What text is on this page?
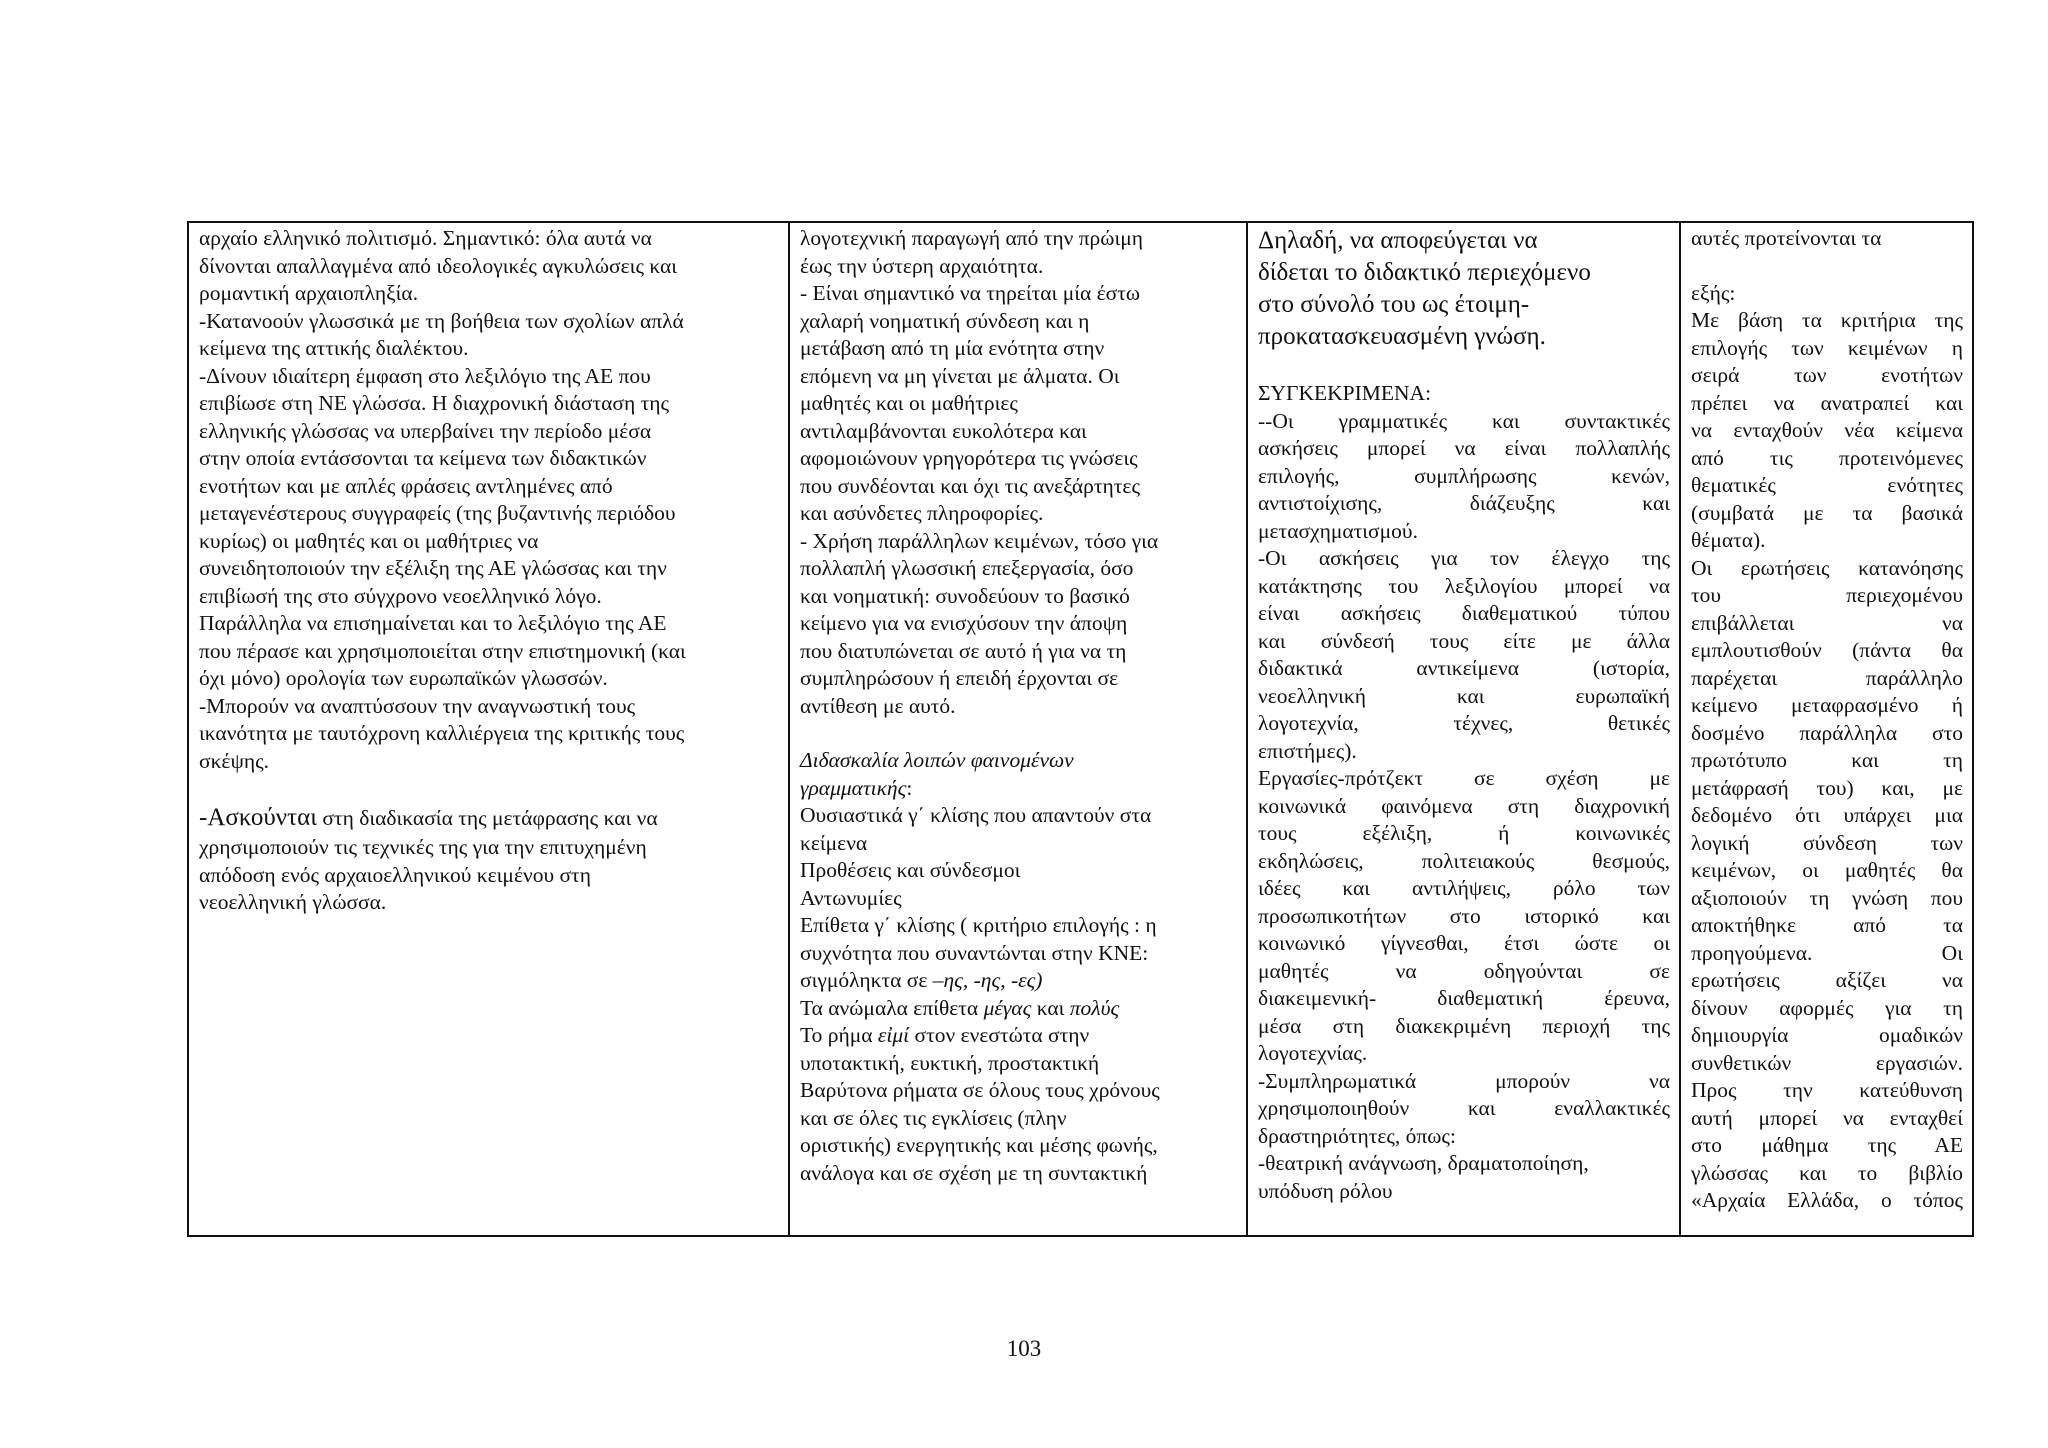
αρχαίο ελληνικό πολιτισμό. Σημαντικό: όλα αυτά να
δίνονται απαλλαγμένα από ιδεολογικές αγκυλώσεις και
ρομαντική αρχαιοπληξία.
-Κατανοούν γλωσσικά με τη βοήθεια των σχολίων απλά
κείμενα της αττικής διαλέκτου.
-Δίνουν ιδιαίτερη έμφαση στο λεξιλόγιο της ΑΕ που
επιβίωσε στη ΝΕ γλώσσα. Η διαχρονική διάσταση της
ελληνικής γλώσσας να υπερβαίνει την περίοδο μέσα
στην οποία εντάσσονται τα κείμενα των διδακτικών
ενοτήτων και με απλές φράσεις αντλημένες από
μεταγενέστερους συγγραφείς (της βυζαντινής περιόδου
κυρίως) οι μαθητές και οι μαθήτριες να
συνειδητοποιούν την εξέλιξη της ΑΕ γλώσσας και την
επιβίωσή της στο σύγχρονο νεοελληνικό λόγο.
Παράλληλα να επισημαίνεται και το λεξιλόγιο της ΑΕ
που πέρασε και χρησιμοποιείται στην επιστημονική (και
όχι μόνο) ορολογία των ευρωπαϊκών γλωσσών.
-Μπορούν να αναπτύσσουν την αναγνωστική τους
ικανότητα με ταυτόχρονη καλλιέργεια της κριτικής τους
σκέψης.
-Ασκούνται στη διαδικασία της μετάφρασης και να
χρησιμοποιούν τις τεχνικές της για την επιτυχημένη
απόδοση ενός αρχαιοελληνικού κειμένου στη
νεοελληνική γλώσσα.

λογοτεχνική παραγωγή από την πρώιμη
έως την ύστερη αρχαιότητα.
- Είναι σημαντικό να τηρείται μία έστω
χαλαρή νοηματική σύνδεση και η
μετάβαση από τη μία ενότητα στην
επόμενη να μη γίνεται με άλματα. Οι
μαθητές και οι μαθήτριες
αντιλαμβάνονται ευκολότερα και
αφομοιώνουν γρηγορότερα τις γνώσεις
που συνδέονται και όχι τις ανεξάρτητες
και ασύνδετες πληροφορίες.
- Χρήση παράλληλων κειμένων, τόσο για
πολλαπλή γλωσσική επεξεργασία, όσο
και νοηματική: συνοδεύουν το βασικό
κείμενο για να ενισχύσουν την άποψη
που διατυπώνεται σε αυτό ή για να τη
συμπληρώσουν ή επειδή έρχονται σε
αντίθεση με αυτό.
Διδασκαλία λοιπών φαινομένων
γραμματικής:
Ουσιαστικά γ΄ κλίσης που απαντούν στα
κείμενα
Προθέσεις και σύνδεσμοι
Αντωνυμίες
Επίθετα γ΄ κλίσης ( κριτήριο επιλογής : η
συχνότητα που συναντώνται στην ΚΝΕ:
σιγμόληκτα σε –ης, -ης, -ες)
Τα ανώμαλα επίθετα μέγας και πολύς
Το ρήμα εἰμί στον ενεστώτα στην
υποτακτική, ευκτική, προστακτική
Βαρύτονα ρήματα σε όλους τους χρόνους
και σε όλες τις εγκλίσεις (πλην
οριστικής) ενεργητικής και μέσης φωνής,
ανάλογα και σε σχέση με τη συντακτική

Δηλαδή, να αποφεύγεται να
δίδεται το διδακτικό περιεχόμενο
στο σύνολό του ως έτοιμη-
προκατασκευασμένη γνώση.
ΣΥΓΚΕΚΡΙΜΕΝΑ:
--Οι γραμματικές και συντακτικές
ασκήσεις μπορεί να είναι πολλαπλής
επιλογής, συμπλήρωσης κενών,
αντιστοίχισης, διάζευξης και
μετασχηματισμού.
-Οι ασκήσεις για τον έλεγχο της
κατάκτησης του λεξιλογίου μπορεί να
είναι ασκήσεις διαθεματικού τύπου
και σύνδεσή τους είτε με άλλα
διδακτικά αντικείμενα (ιστορία,
νεοελληνική και ευρωπαϊκή
λογοτεχνία, τέχνες, θετικές
επιστήμες).
Εργασίες-πρότζεκτ σε σχέση με
κοινωνικά φαινόμενα στη διαχρονική
τους εξέλιξη, ή κοινωνικές
εκδηλώσεις, πολιτειακούς θεσμούς,
ιδέες και αντιλήψεις, ρόλο των
προσωπικοτήτων στο ιστορικό και
κοινωνικό γίγνεσθαι, έτσι ώστε οι
μαθητές να οδηγούνται σε
διακειμενική- διαθεματική έρευνα,
μέσα στη διακεκριμένη περιοχή της
λογοτεχνίας.
-Συμπληρωματικά μπορούν να
χρησιμοποιηθούν και εναλλακτικές
δραστηριότητες, όπως:
-θεατρική ανάγνωση, δραματοποίηση,
υπόδυση ρόλου

αυτές προτείνονται τα
εξής:
Με βάση τα κριτήρια της
επιλογής των κειμένων η
σειρά των ενοτήτων
πρέπει να ανατραπεί και
να ενταχθούν νέα κείμενα
από τις προτεινόμενες
θεματικές ενότητες
(συμβατά με τα βασικά
θέματα).
Οι ερωτήσεις κατανόησης
του περιεχομένου
επιβάλλεται να
εμπλουτισθούν (πάντα θα
παρέχεται παράλληλο
κείμενο μεταφρασμένο ή
δοσμένο παράλληλα στο
πρωτότυπο και τη
μετάφρασή του) και, με
δεδομένο ότι υπάρχει μια
λογική σύνδεση των
κειμένων, οι μαθητές θα
αξιοποιούν τη γνώση που
αποκτήθηκε από τα
προηγούμενα. Οι
ερωτήσεις αξίζει να
δίνουν αφορμές για τη
δημιουργία ομαδικών
συνθετικών εργασιών.
Προς την κατεύθυνση
αυτή μπορεί να ενταχθεί
στο μάθημα της ΑΕ
γλώσσας και το βιβλίο
«Αρχαία Ελλάδα, ο τόπος
103
